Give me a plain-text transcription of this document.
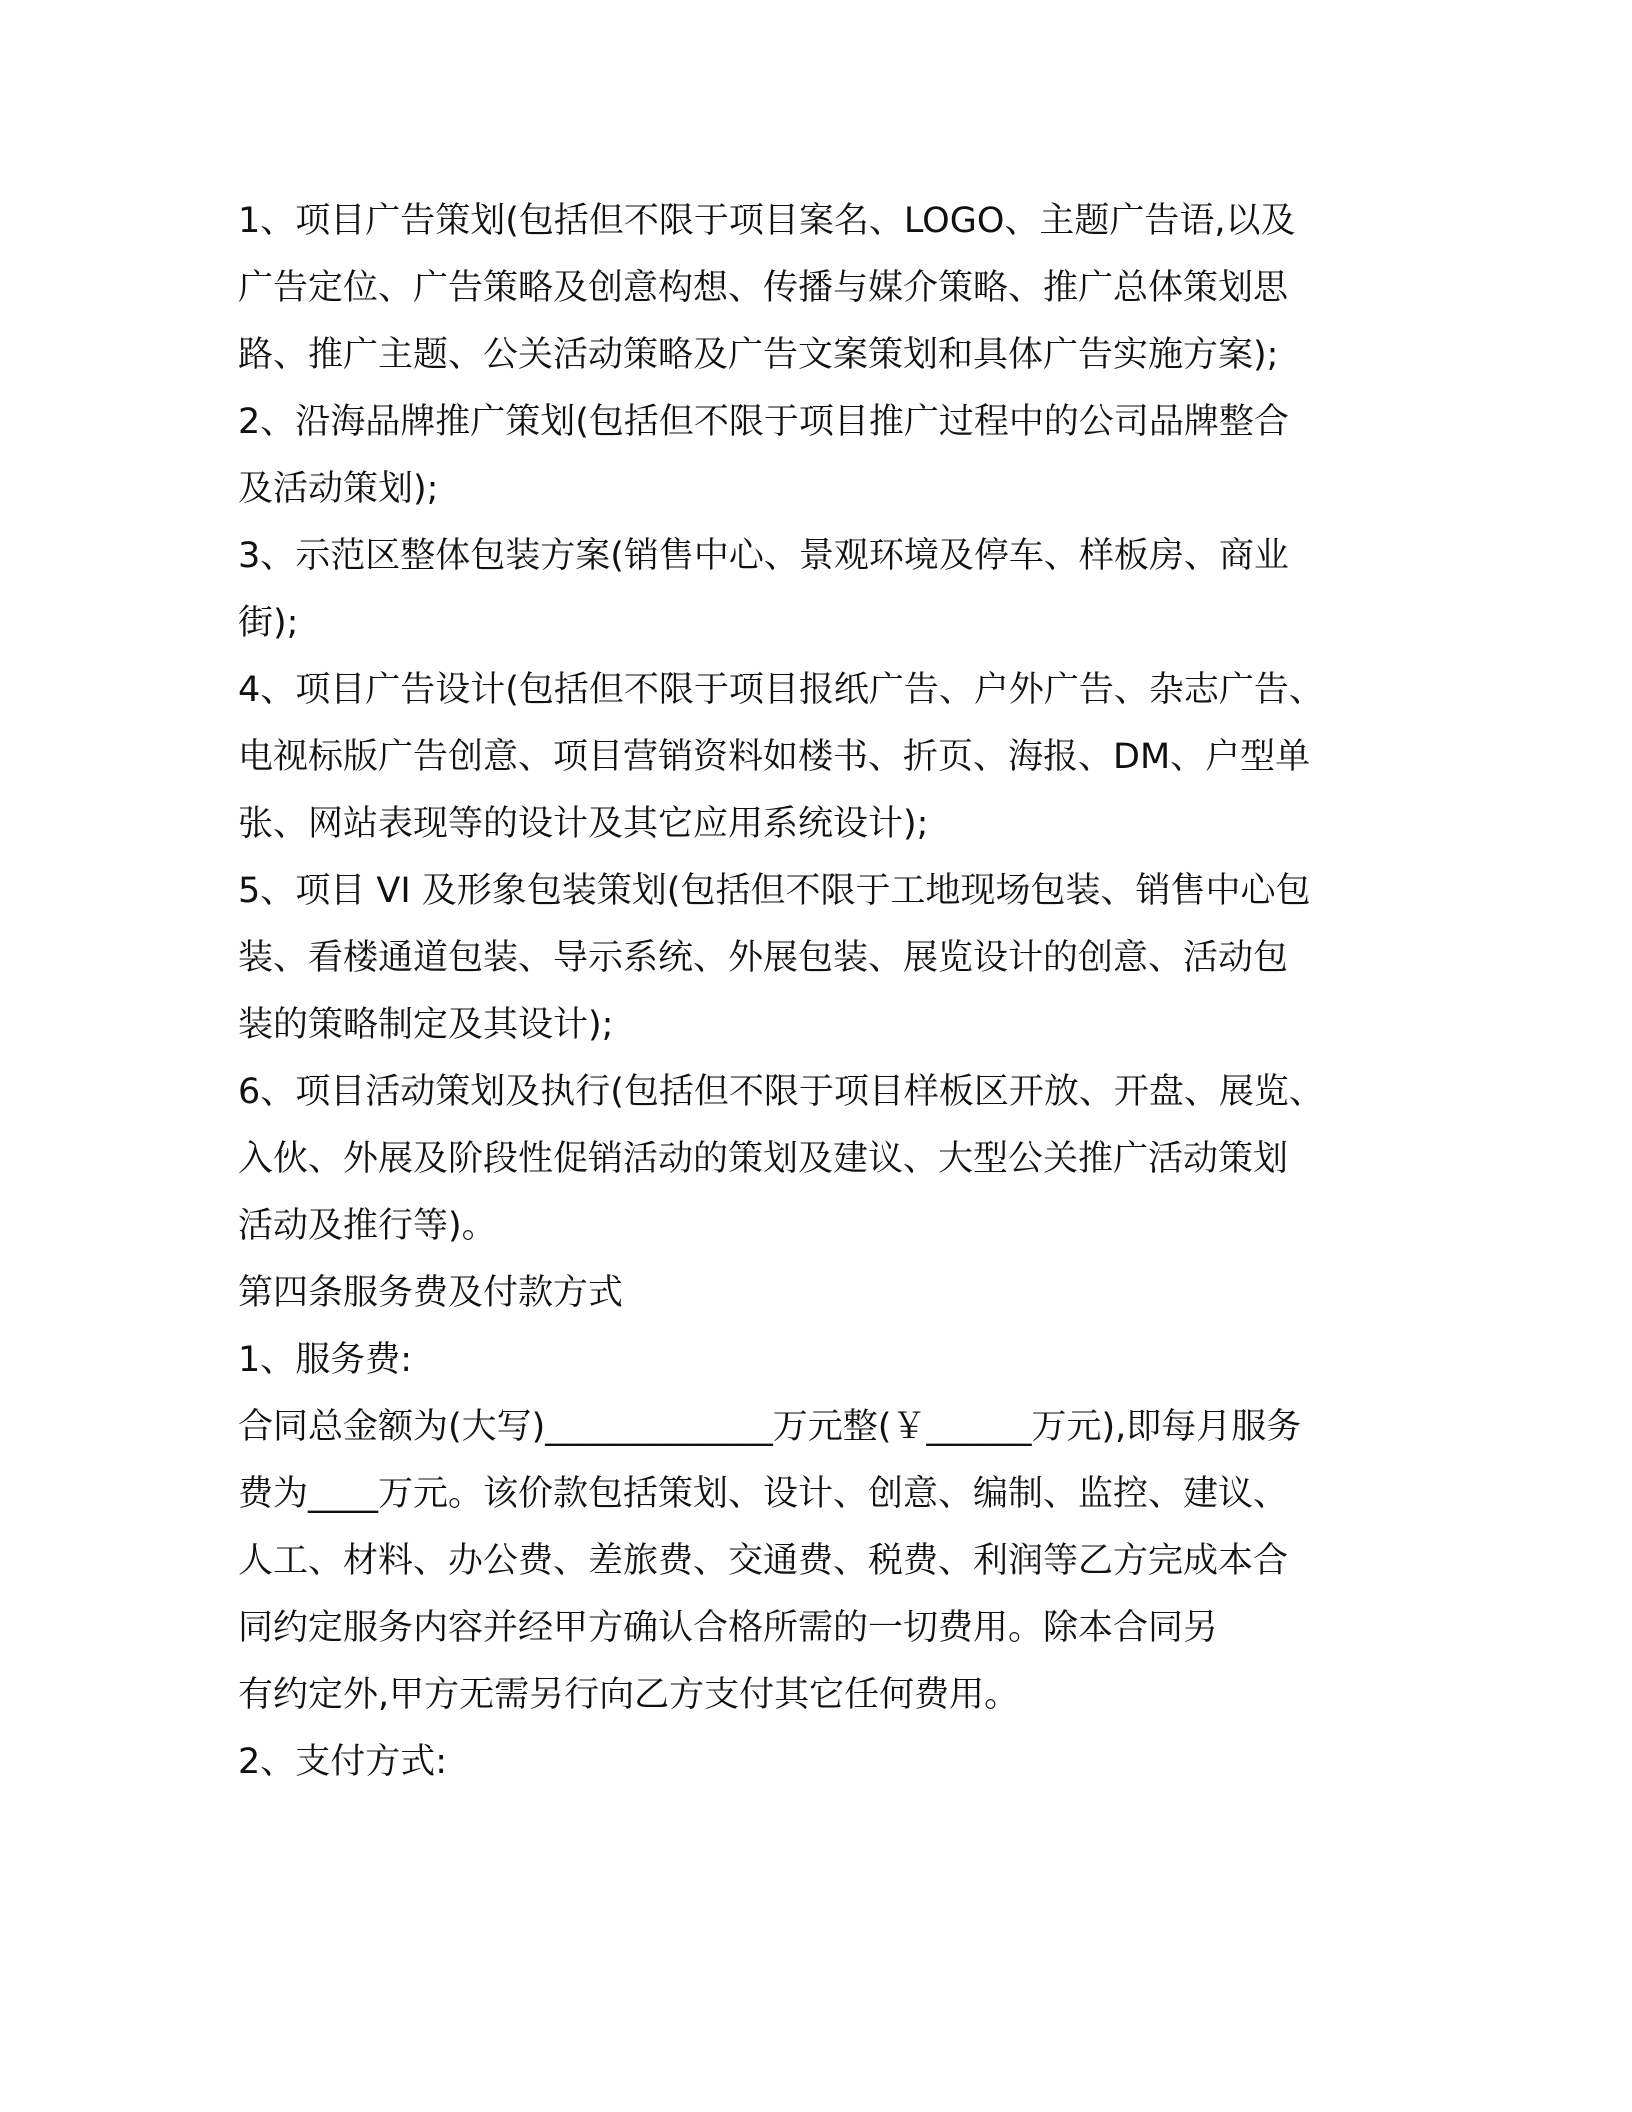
1、项目广告策划(包括但不限于项目案名、LOGO、主题广告语,以及
广告定位、广告策略及创意构想、传播与媒介策略、推广总体策划思
路、推广主题、公关活动策略及广告文案策划和具体广告实施方案);
2、沿海品牌推广策划(包括但不限于项目推广过程中的公司品牌整合
及活动策划);
3、示范区整体包装方案(销售中心、景观环境及停车、样板房、商业
街);
4、项目广告设计(包括但不限于项目报纸广告、户外广告、杂志广告、
电视标版广告创意、项目营销资料如楼书、折页、海报、DM、户型单
张、网站表现等的设计及其它应用系统设计);
5、项目 VI 及形象包装策划(包括但不限于工地现场包装、销售中心包
装、看楼通道包装、导示系统、外展包装、展览设计的创意、活动包
装的策略制定及其设计);
6、项目活动策划及执行(包括但不限于项目样板区开放、开盘、展览、
入伙、外展及阶段性促销活动的策划及建议、大型公关推广活动策划
活动及推行等)。
第四条服务费及付款方式
1、服务费:
合同总金额为(大写)_____________万元整(￥______万元),即每月服务
费为____万元。该价款包括策划、设计、创意、编制、监控、建议、
人工、材料、办公费、差旅费、交通费、税费、利润等乙方完成本合
同约定服务内容并经甲方确认合格所需的一切费用。除本合同另
有约定外,甲方无需另行向乙方支付其它任何费用。
2、支付方式:
